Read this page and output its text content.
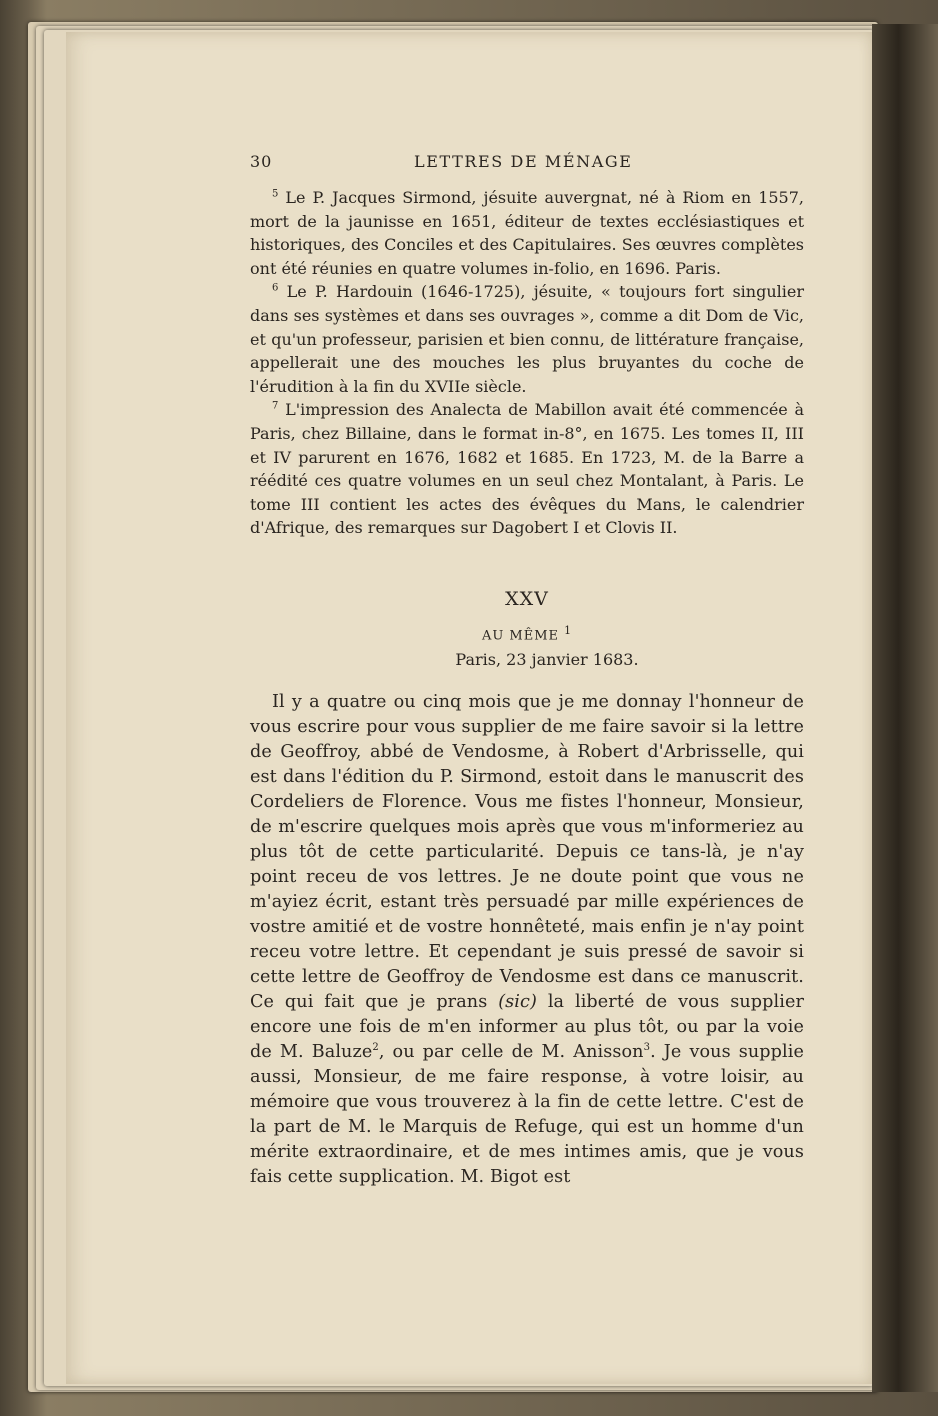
30	LETTRES DE MÉNAGE

$^5$ Le P. Jacques Sirmond, jésuite auvergnat, né à Riom en 1557, mort de la jaunisse en 1651, éditeur de textes ecclésiastiques et historiques, des Conciles et des Capitulaires. Ses œuvres complètes ont été réunies en quatre volumes in-folio, en 1696. Paris.

$^6$ Le P. Hardouin (1646-1725), jésuite, « toujours fort singulier dans ses systèmes et dans ses ouvrages », comme a dit Dom de Vic, et qu'un professeur, parisien et bien connu, de littérature française, appellerait une des mouches les plus bruyantes du coche de l'érudition à la fin du XVIIe siècle.

$^7$ L'impression des Analecta de Mabillon avait été commencée à Paris, chez Billaine, dans le format in-8°, en 1675. Les tomes II, III et IV parurent en 1676, 1682 et 1685. En 1723, M. de la Barre a réédité ces quatre volumes en un seul chez Montalant, à Paris. Le tome III contient les actes des évêques du Mans, le calendrier d'Afrique, des remarques sur Dagobert I et Clovis II.

XXV
AU MÊME $^1$
Paris, 23 janvier 1683.

Il y a quatre ou cinq mois que je me donnay l'honneur de vous escrire pour vous supplier de me faire savoir si la lettre de Geoffroy, abbé de Vendosme, à Robert d'Arbrisselle, qui est dans l'édition du P. Sirmond, estoit dans le manuscrit des Cordeliers de Florence. Vous me fistes l'honneur, Monsieur, de m'escrire quelques mois après que vous m'informeriez au plus tôt de cette particularité. Depuis ce tans-là, je n'ay point receu de vos lettres. Je ne doute point que vous ne m'ayiez écrit, estant très persuadé par mille expériences de vostre amitié et de vostre honnêteté, mais enfin je n'ay point receu votre lettre. Et cependant je suis pressé de savoir si cette lettre de Geoffroy de Vendosme est dans ce manuscrit. Ce qui fait que je prans (sic) la liberté de vous supplier encore une fois de m'en informer au plus tôt, ou par la voie de M. Baluze$^2$, ou par celle de M. Anisson$^3$. Je vous supplie aussi, Monsieur, de me faire response, à votre loisir, au mémoire que vous trouverez à la fin de cette lettre. C'est de la part de M. le Marquis de Refuge, qui est un homme d'un mérite extraordinaire, et de mes intimes amis, que je vous fais cette supplication. M. Bigot est
